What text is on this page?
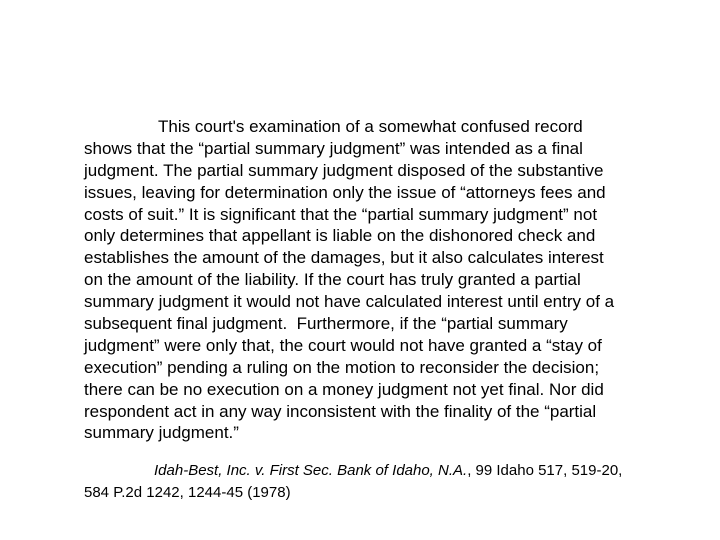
This court's examination of a somewhat confused record
shows that the “partial summary judgment” was intended as a final
judgment. The partial summary judgment disposed of the substantive
issues, leaving for determination only the issue of “attorneys fees and
costs of suit.” It is significant that the “partial summary judgment” not
only determines that appellant is liable on the dishonored check and
establishes the amount of the damages, but it also calculates interest
on the amount of the liability. If the court has truly granted a partial
summary judgment it would not have calculated interest until entry of a
subsequent final judgment.  Furthermore, if the “partial summary
judgment” were only that, the court would not have granted a “stay of
execution” pending a ruling on the motion to reconsider the decision;
there can be no execution on a money judgment not yet final. Nor did
respondent act in any way inconsistent with the finality of the “partial
summary judgment.”
Idah-Best, Inc. v. First Sec. Bank of Idaho, N.A., 99 Idaho 517, 519-20,
584 P.2d 1242, 1244-45 (1978)
